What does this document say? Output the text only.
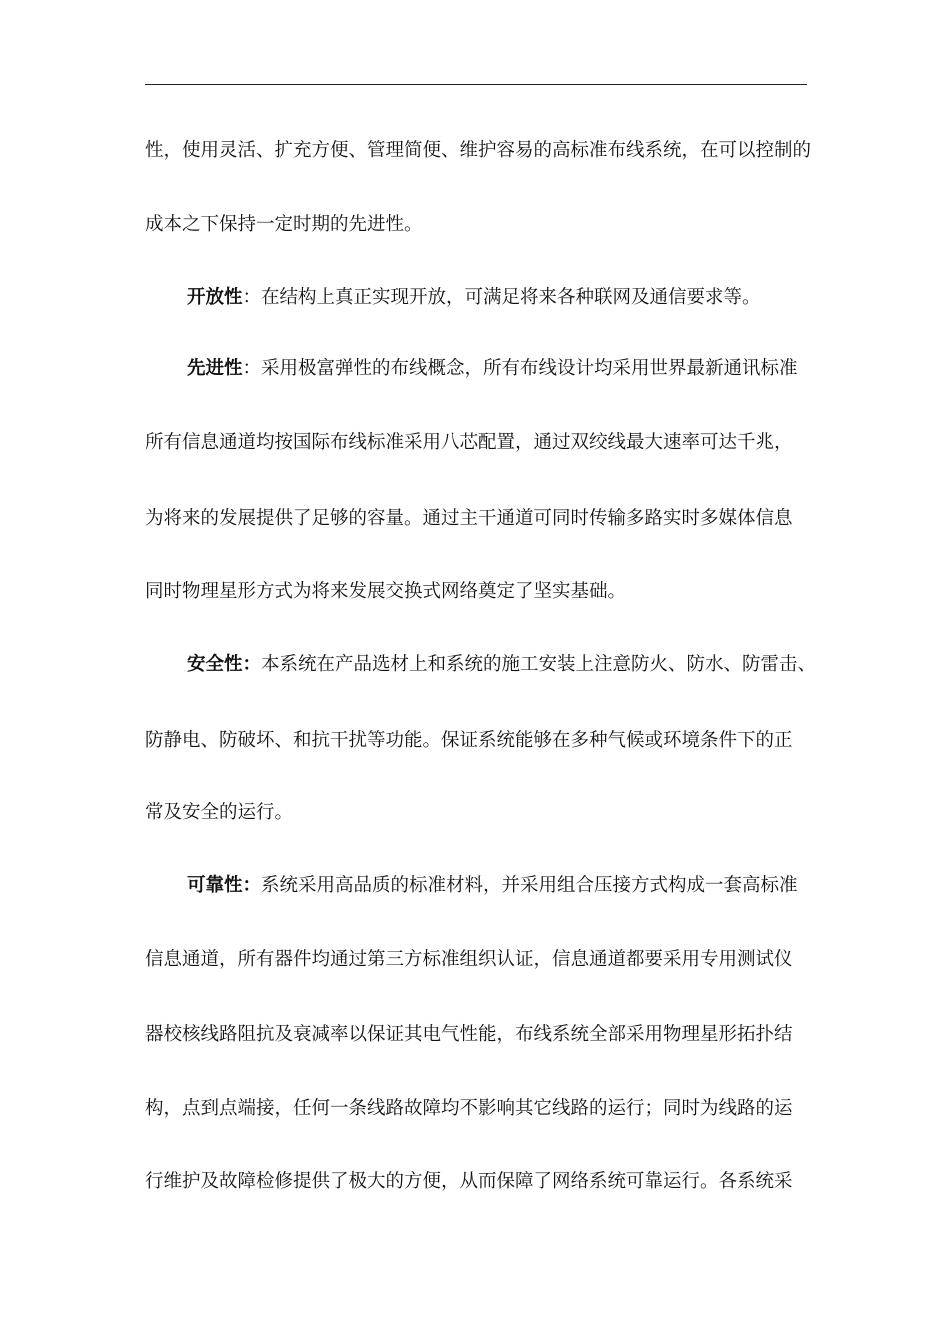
性，使用灵活、扩充方便、管理简便、维护容易的高标准布线系统，在可以控制的
成本之下保持一定时期的先进性。
开放性：在结构上真正实现开放，可满足将来各种联网及通信要求等。
先进性：采用极富弹性的布线概念，所有布线设计均采用世界最新通讯标准
所有信息通道均按国际布线标准采用八芯配置，通过双绞线最大速率可达千兆，
为将来的发展提供了足够的容量。通过主干通道可同时传输多路实时多媒体信息
同时物理星形方式为将来发展交换式网络奠定了坚实基础。
安全性：本系统在产品选材上和系统的施工安装上注意防火、防水、防雷击、
防静电、防破坏、和抗干扰等功能。保证系统能够在多种气候或环境条件下的正
常及安全的运行。
可靠性：系统采用高品质的标准材料，并采用组合压接方式构成一套高标准
信息通道，所有器件均通过第三方标准组织认证，信息通道都要采用专用测试仪
器校核线路阻抗及衰减率以保证其电气性能，布线系统全部采用物理星形拓扑结
构，点到点端接，任何一条线路故障均不影响其它线路的运行；同时为线路的运
行维护及故障检修提供了极大的方便，从而保障了网络系统可靠运行。各系统采
